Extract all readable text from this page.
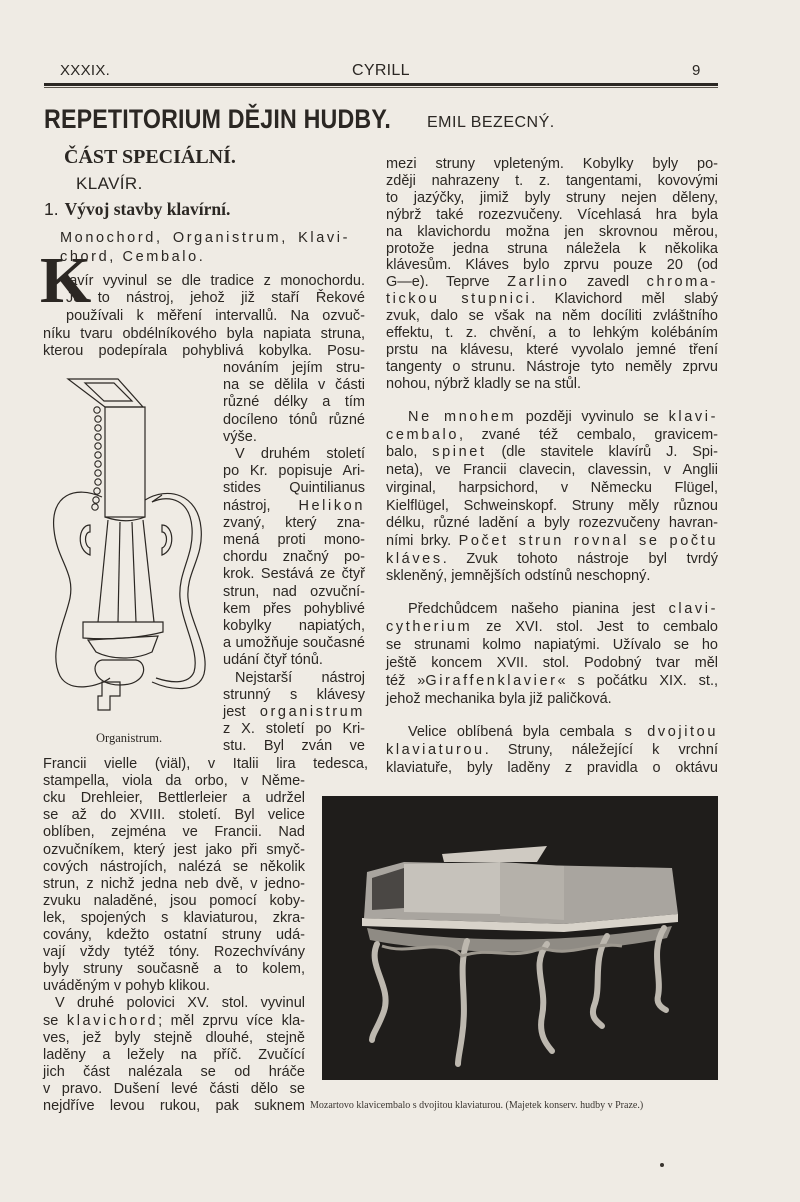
XXXIX.	CYRILL	9
REPETITORIUM DĚJIN HUDBY. EMIL BEZECNÝ.
ČÁST SPECIÁLNÍ.
KLAVÍR.
1. Vývoj stavby klavírní.
K
Monochord, Organistrum, Klavi-
chord, Cembalo.
lavír vyvinul se dle tradice z monochordu.
Je to nástroj, jehož již staří Řekové
používali k měření intervallů. Na ozvuč-
níku tvaru obdélníkového byla napiata struna,
kterou podepírala pohyblivá kobylka. Posu-
nováním jejím stru-
na se dělila v části
různé délky a tím
docíleno tónů různé
výše.
V druhém století
po Kr. popisuje Ari-
stides Quintilianus
nástroj, Helikon
zvaný, který zna-
mená proti mono-
chordu značný po-
krok. Sestává ze čtyř
strun, nad ozvuční-
kem přes pohyblivé
kobylky napiatých,
a umožňuje současné
udání čtyř tónů.
Nejstarší nástroj
strunný s klávesy
jest organistrum
z X. století po Kri-
stu. Byl zván ve
Francii vielle (viäl), v Italii lira tedesca,
stampella, viola da orbo, v Něme-
cku Drehleier, Bettlerleier a udržel
se až do XVIII. století. Byl velice
oblíben, zejména ve Francii. Nad
ozvučníkem, který jest jako při smyč-
cových nástrojích, nalézá se několik
strun, z nichž jedna neb dvě, v jedno-
zvuku naladěné, jsou pomocí koby-
lek, spojených s klaviaturou, zkra-
covány, kdežto ostatní struny udá-
vají vždy tytéž tóny. Rozechvívány
byly struny současně a to kolem,
uváděným v pohyb klikou.
V druhé polovici XV. stol. vyvinul
se klavichord; měl zprvu více kla-
ves, jež byly stejně dlouhé, stejně
laděny a ležely na příč. Zvučící
jich část nalézala se od hráče
v pravo. Dušení levé části dělo se
nejdříve levou rukou, pak suknem
mezi struny vpleteným. Kobylky byly po-
zději nahrazeny t. z. tangentami, kovovými
to jazýčky, jimiž byly struny nejen děleny,
nýbrž také rozezvučeny. Vícehlasá hra byla
na klavichordu možna jen skrovnou měrou,
protože jedna struna náležela k několika
klávesům. Kláves bylo zprvu pouze 20 (od
G—e). Teprve Zarlino zavedl chroma-
tickou stupnici. Klavichord měl slabý
zvuk, dalo se však na něm docíliti zvláštního
effektu, t. z. chvění, a to lehkým kolébáním
prstu na klávesu, které vyvolalo jemné tření
tangenty o strunu. Nástroje tyto neměly zprvu
nohou, nýbrž kladly se na stůl.
Ne mnohem později vyvinulo se klavi-
cembalo, zvané též cembalo, gravicem-
balo, spinet (dle stavitele klavírů J. Spi-
neta), ve Francii clavecin, clavessin, v Anglii
virginal, harpsichord, v Německu Flügel,
Kielflügel, Schweinskopf. Struny měly různou
délku, různé ladění a byly rozezvučeny havran-
ními brky. Počet strun rovnal se počtu
kláves. Zvuk tohoto nástroje byl tvrdý
skleněný, jemnějších odstínů neschopný.
Předchůdcem našeho pianina jest clavi-
cytherium ze XVI. stol. Jest to cembalo
se strunami kolmo napiatými. Užívalo se ho
ještě koncem XVII. stol. Podobný tvar měl
též »Giraffenklavier« s počátku XIX. st.,
jehož mechanika byla již paličková.
Velice oblíbená byla cembala s dvojitou
klaviaturou. Struny, náležející k vrchní
klaviatuře, byly laděny z pravidla o oktávu
Organistrum.
Mozartovo klavicembalo s dvojitou klaviaturou. (Majetek konserv. hudby v Praze.)
